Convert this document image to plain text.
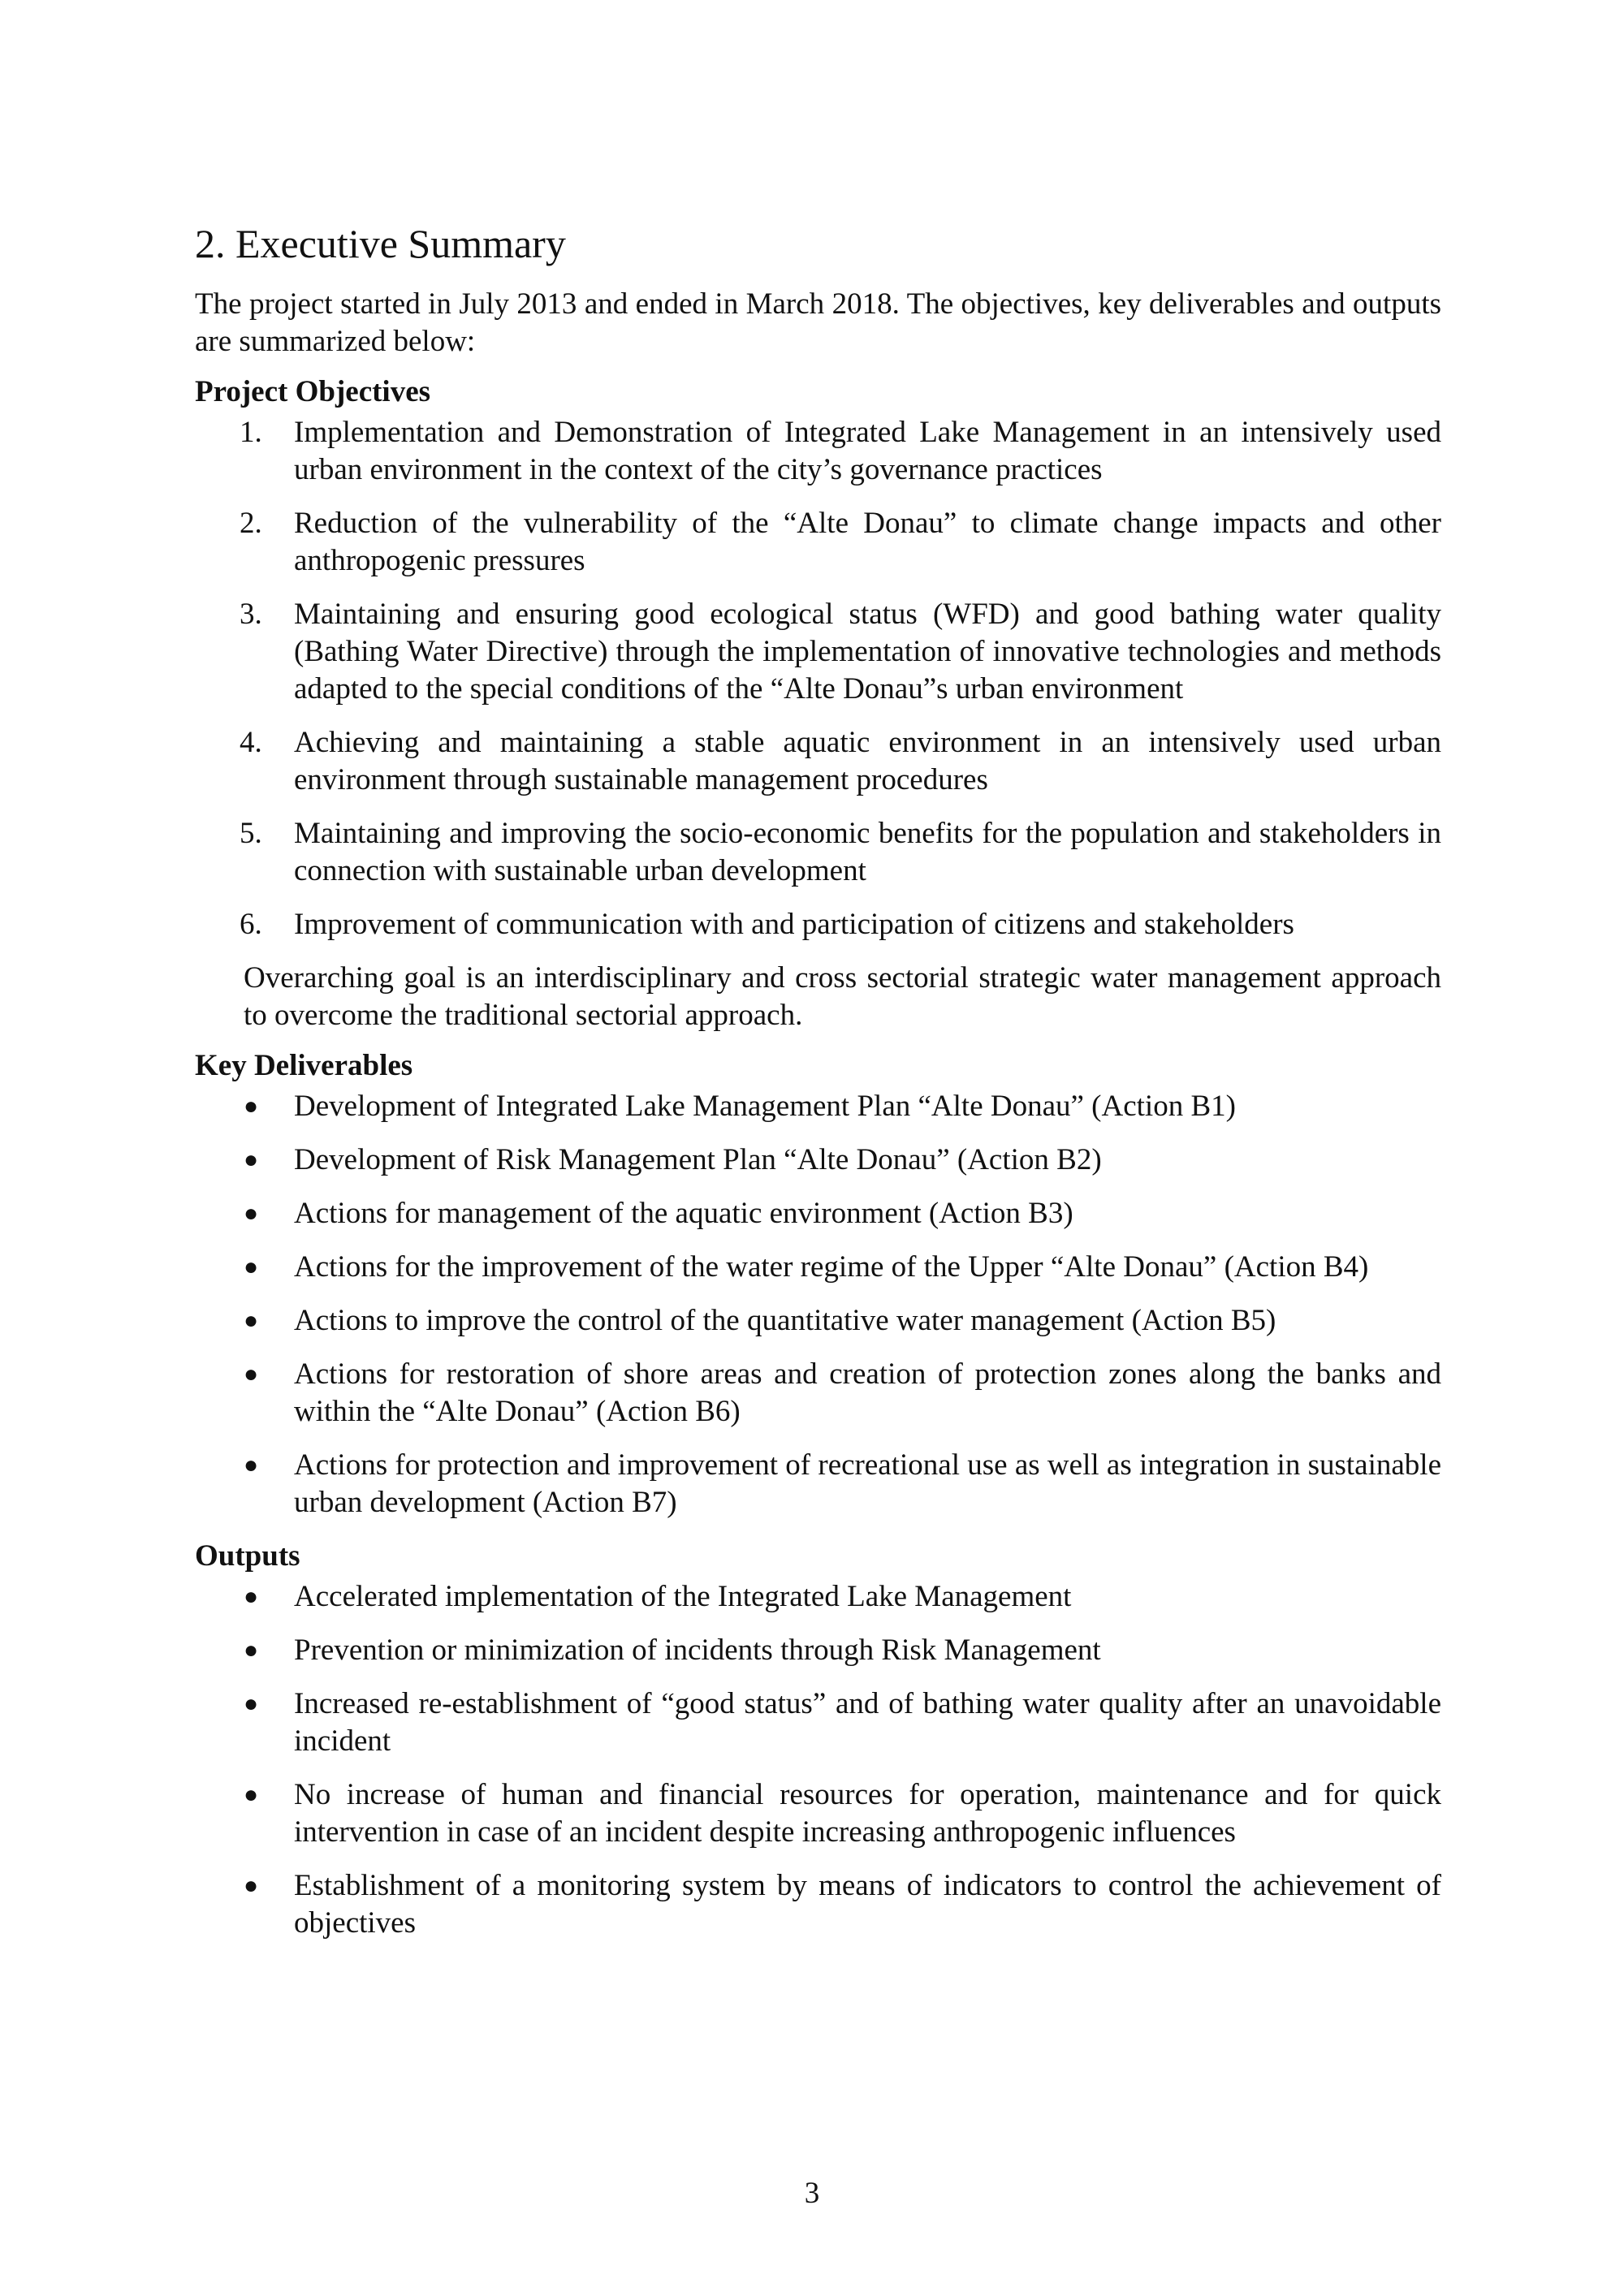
2. Executive Summary

The project started in July 2013 and ended in March 2018. The objectives, key deliverables and outputs are summarized below:

Project Objectives
1. Implementation and Demonstration of Integrated Lake Management in an intensively used urban environment in the context of the city’s governance practices
2. Reduction of the vulnerability of the “Alte Donau” to climate change impacts and other anthropogenic pressures
3. Maintaining and ensuring good ecological status (WFD) and good bathing water quality (Bathing Water Directive) through the implementation of innovative technologies and methods adapted to the special conditions of the “Alte Donau”s urban environment
4. Achieving and maintaining a stable aquatic environment in an intensively used urban environment through sustainable management procedures
5. Maintaining and improving the socio-economic benefits for the population and stakeholders in connection with sustainable urban development
6. Improvement of communication with and participation of citizens and stakeholders

Overarching goal is an interdisciplinary and cross sectorial strategic water management approach to overcome the traditional sectorial approach.

Key Deliverables
● Development of Integrated Lake Management Plan “Alte Donau” (Action B1)
● Development of Risk Management Plan “Alte Donau” (Action B2)
● Actions for management of the aquatic environment (Action B3)
● Actions for the improvement of the water regime of the Upper “Alte Donau” (Action B4)
● Actions to improve the control of the quantitative water management (Action B5)
● Actions for restoration of shore areas and creation of protection zones along the banks and within the “Alte Donau” (Action B6)
● Actions for protection and improvement of recreational use as well as integration in sustainable urban development (Action B7)
Outputs
● Accelerated implementation of the Integrated Lake Management
● Prevention or minimization of incidents through Risk Management
● Increased re-establishment of “good status” and of bathing water quality after an unavoidable incident
● No increase of human and financial resources for operation, maintenance and for quick intervention in case of an incident despite increasing anthropogenic influences
● Establishment of a monitoring system by means of indicators to control the achievement of objectives
3
